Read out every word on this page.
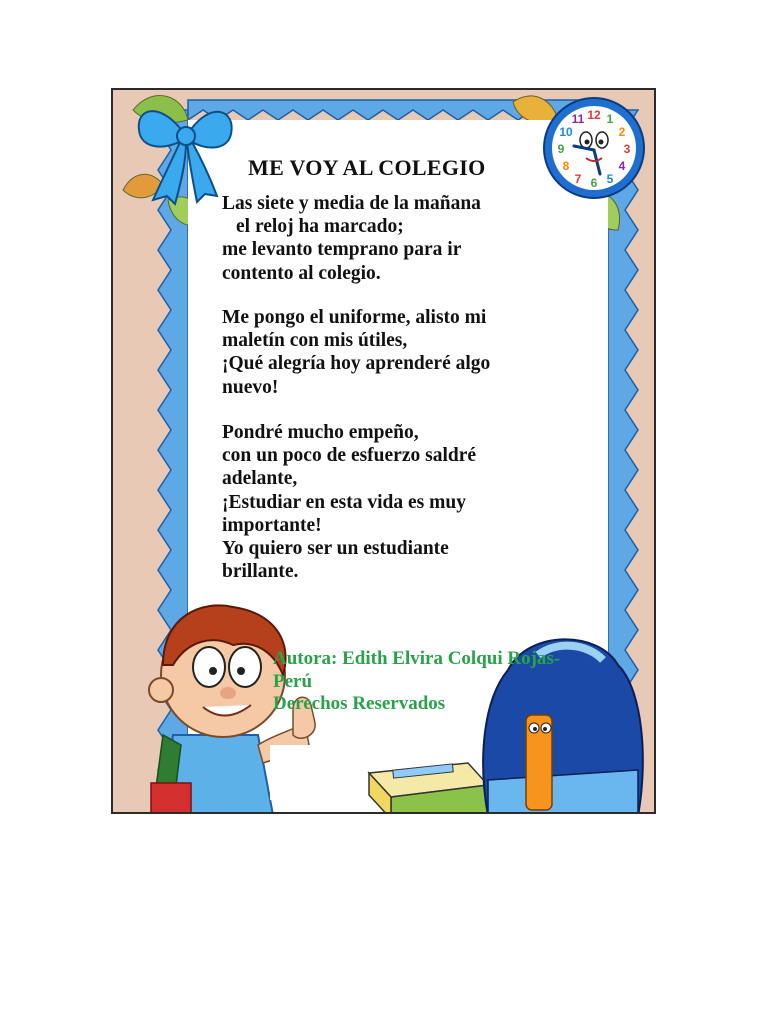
12 1
2
3
4
5
6
7
8
9
10
11
ME VOY AL COLEGIO
Las siete y media de la mañana
el reloj ha marcado;
me levanto temprano para ir
contento al colegio.
Me pongo el uniforme, alisto mi
maletín con mis útiles,
¡Qué alegría hoy aprenderé algo
nuevo!
Pondré mucho empeño,
con un poco de esfuerzo saldré
adelante,
¡Estudiar en esta vida es muy
importante!
Yo quiero ser un estudiante
brillante.
Autora: Edith Elvira Colqui Rojas-
Perú
Derechos Reservados
